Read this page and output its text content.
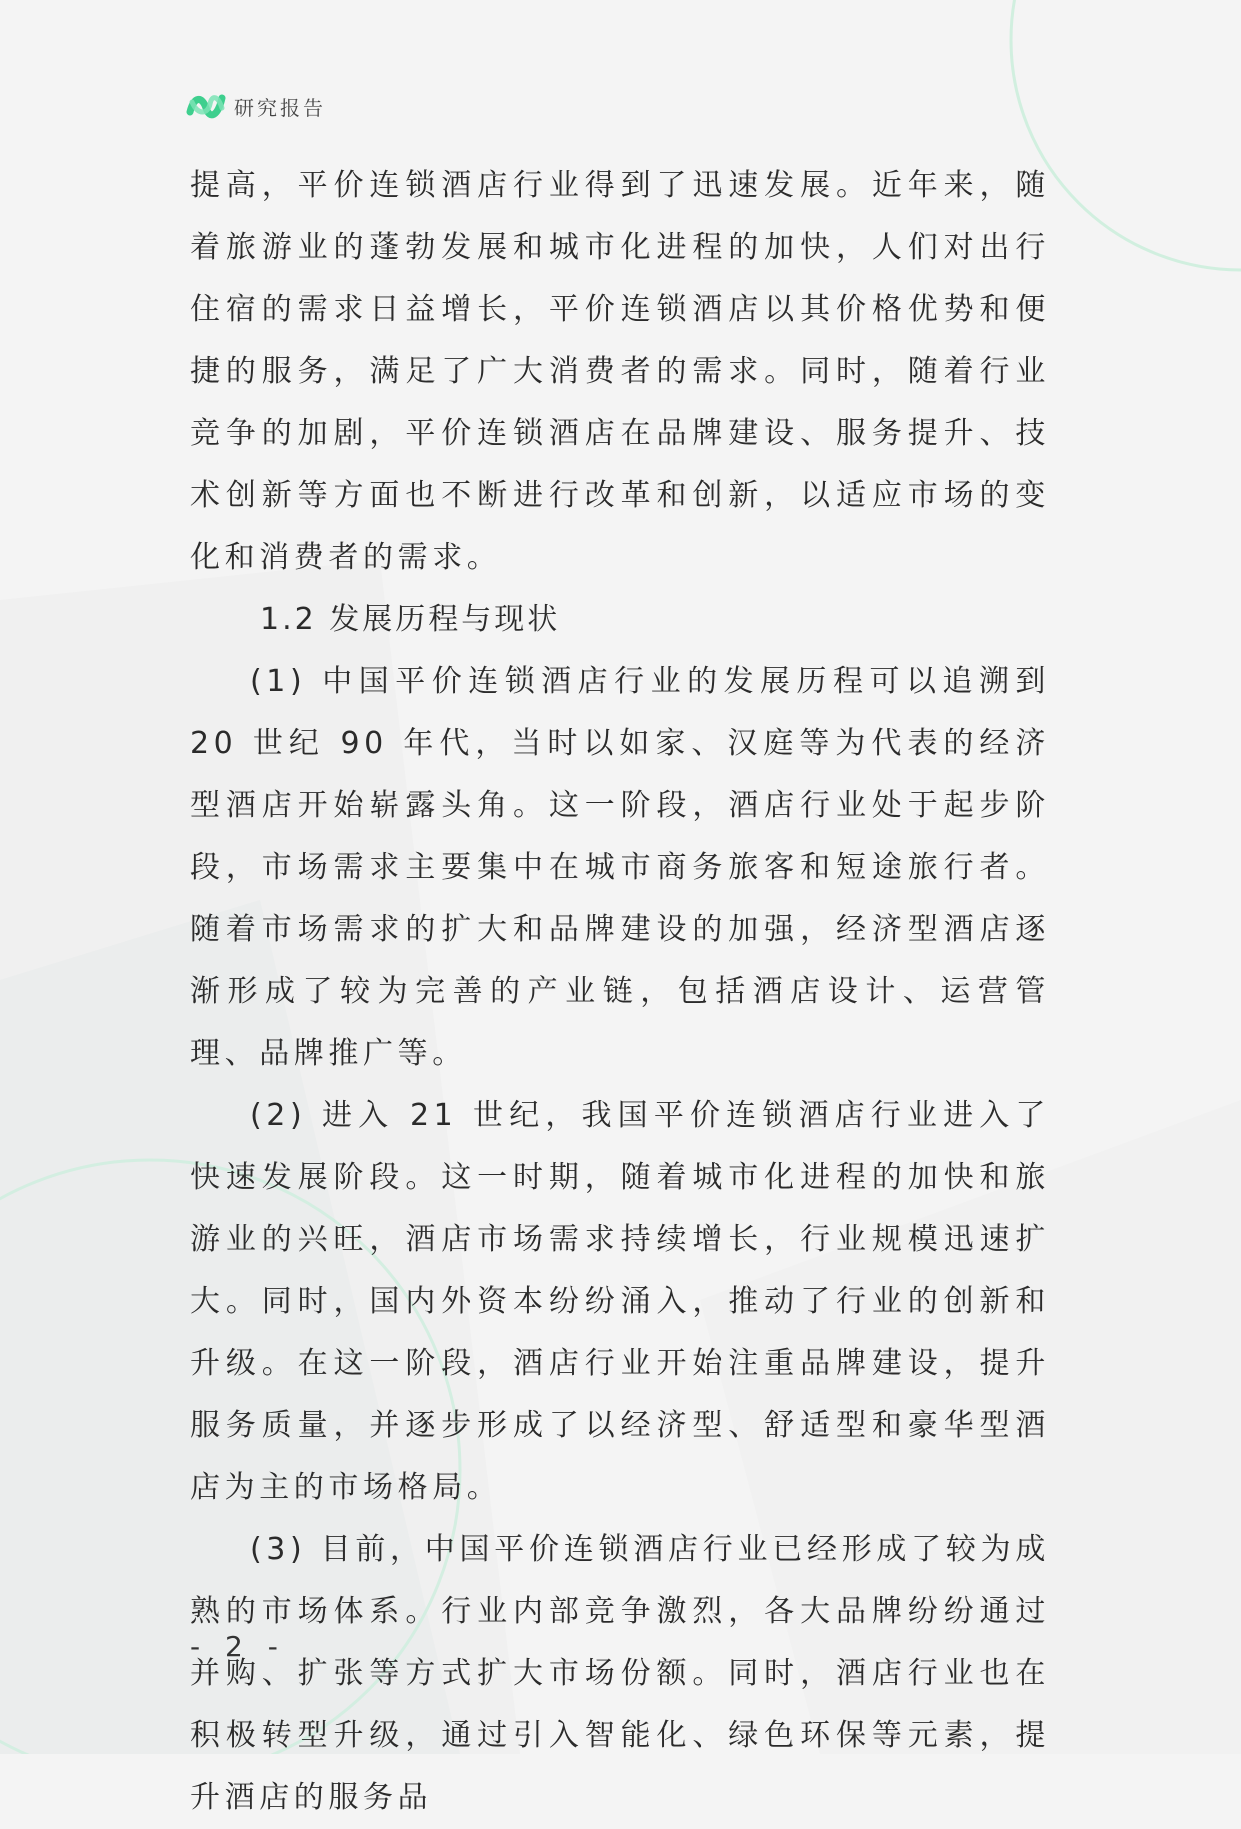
研究报告

提高，平价连锁酒店行业得到了迅速发展。近年来，随着旅游业的蓬勃发展和城市化进程的加快，人们对出行住宿的需求日益增长，平价连锁酒店以其价格优势和便捷的服务，满足了广大消费者的需求。同时，随着行业竞争的加剧，平价连锁酒店在品牌建设、服务提升、技术创新等方面也不断进行改革和创新，以适应市场的变化和消费者的需求。

1.2 发展历程与现状

(1) 中国平价连锁酒店行业的发展历程可以追溯到 20 世纪 90 年代，当时以如家、汉庭等为代表的经济型酒店开始崭露头角。这一阶段，酒店行业处于起步阶段，市场需求主要集中在城市商务旅客和短途旅行者。随着市场需求的扩大和品牌建设的加强，经济型酒店逐渐形成了较为完善的产业链，包括酒店设计、运营管理、品牌推广等。

(2) 进入 21 世纪，我国平价连锁酒店行业进入了快速发展阶段。这一时期，随着城市化进程的加快和旅游业的兴旺，酒店市场需求持续增长，行业规模迅速扩大。同时，国内外资本纷纷涌入，推动了行业的创新和升级。在这一阶段，酒店行业开始注重品牌建设，提升服务质量，并逐步形成了以经济型、舒适型和豪华型酒店为主的市场格局。

(3) 目前，中国平价连锁酒店行业已经形成了较为成熟的市场体系。行业内部竞争激烈，各大品牌纷纷通过并购、扩张等方式扩大市场份额。同时，酒店行业也在积极转型升级，通过引入智能化、绿色环保等元素，提升酒店的服务品

- 2 -
